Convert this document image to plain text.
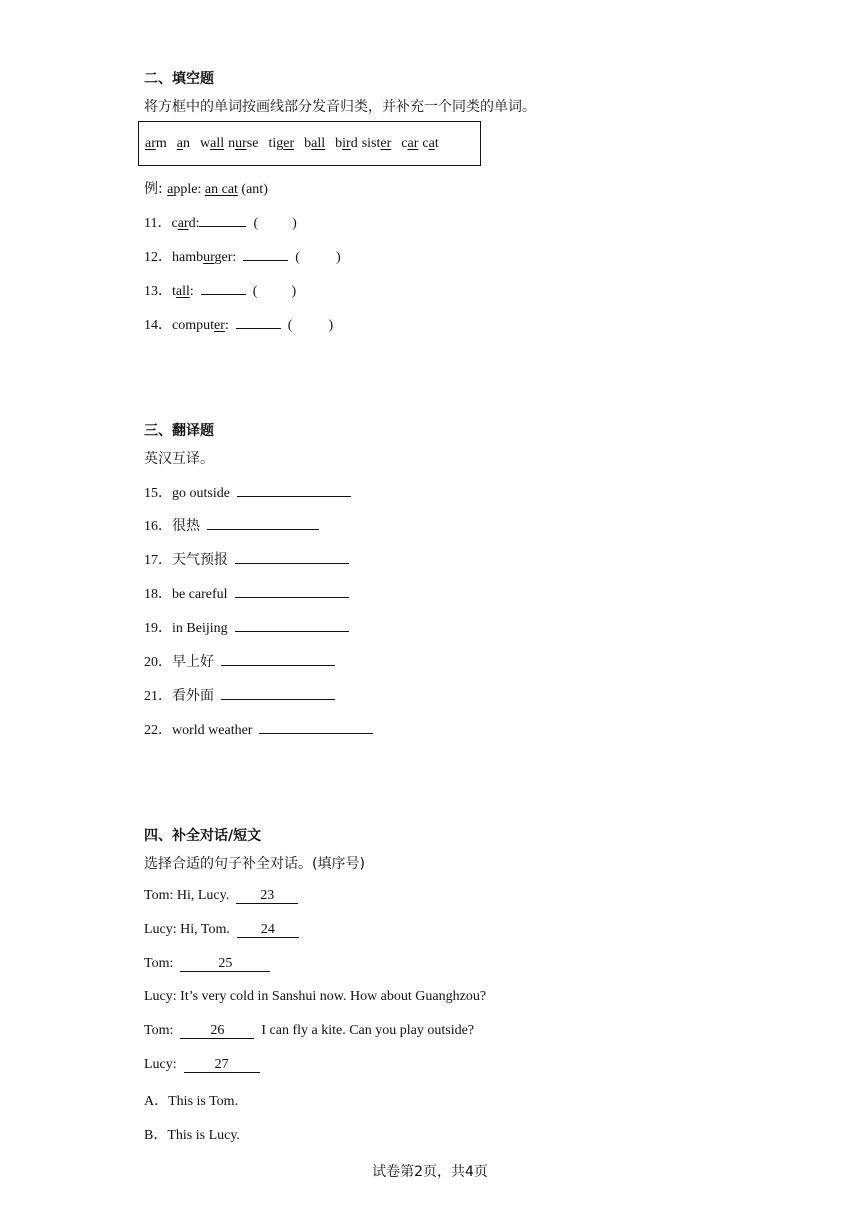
二、填空题
将方框中的单词按画线部分发音归类，并补充一个同类的单词。
arm an wall nurse tiger ball bird sister car cat
例: apple: an cat (ant)
11．card:	( )
12．hamburger:	(	)
13．tall:	( )
14．computer:	(	)
三、翻译题
英汉互译。
15．go outside
16．很热
17．天气预报
18．be careful
19．in Beijing
20．早上好
21．看外面
22．world weather
四、补全对话/短文
选择合适的句子补全对话。(填序号)
Tom: Hi, Lucy. 23
Lucy: Hi, Tom. 24
Tom:	25
Lucy: It’s very cold in Sanshui now. How about Guanghzou?
Tom:  26	I can fly a kite. Can you play outside?
Lucy:  27
A．This is Tom.
B．This is Lucy.
试卷第2页，共4页
